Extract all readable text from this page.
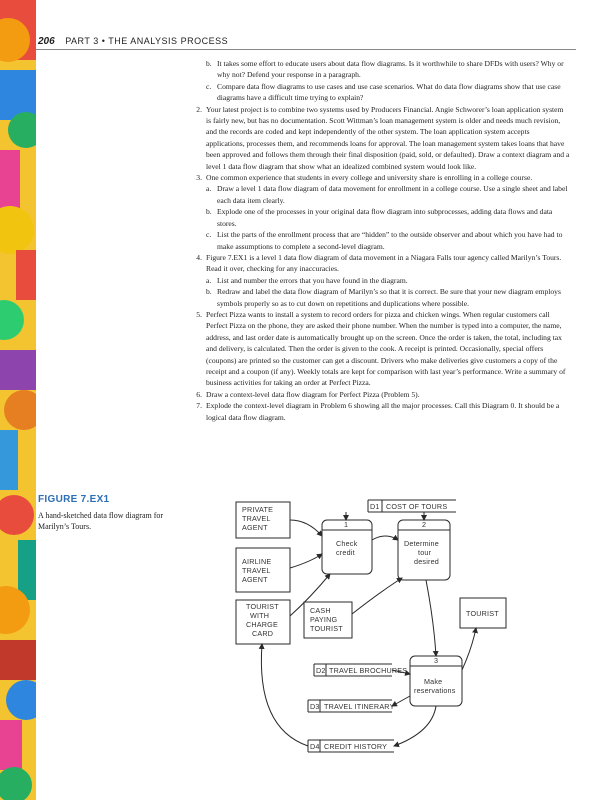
206 PART 3 • THE ANALYSIS PROCESS
b. It takes some effort to educate users about data flow diagrams. Is it worthwhile to share DFDs with users? Why or why not? Defend your response in a paragraph.
c. Compare data flow diagrams to use cases and use case scenarios. What do data flow diagrams show that use case diagrams have a difficult time trying to explain?
2. Your latest project is to combine two systems used by Producers Financial. Angie Schworer’s loan application system is fairly new, but has no documentation. Scott Wittman’s loan management system is older and needs much revision, and the records are coded and kept independently of the other system. The loan application system accepts applications, processes them, and recommends loans for approval. The loan management system takes loans that have been approved and follows them through their final disposition (paid, sold, or defaulted). Draw a context diagram and a level 1 data flow diagram that show what an idealized combined system would look like.
3. One common experience that students in every college and university share is enrolling in a college course.
a. Draw a level 1 data flow diagram of data movement for enrollment in a college course. Use a single sheet and label each data item clearly.
b. Explode one of the processes in your original data flow diagram into subprocesses, adding data flows and data stores.
c. List the parts of the enrollment process that are “hidden” to the outside observer and about which you have had to make assumptions to complete a second-level diagram.
4. Figure 7.EX1 is a level 1 data flow diagram of data movement in a Niagara Falls tour agency called Marilyn’s Tours. Read it over, checking for any inaccuracies.
a. List and number the errors that you have found in the diagram.
b. Redraw and label the data flow diagram of Marilyn’s so that it is correct. Be sure that your new diagram employs symbols properly so as to cut down on repetitions and duplications where possible.
5. Perfect Pizza wants to install a system to record orders for pizza and chicken wings. When regular customers call Perfect Pizza on the phone, they are asked their phone number. When the number is typed into a computer, the name, address, and last order date is automatically brought up on the screen. Once the order is taken, the total, including tax and delivery, is calculated. Then the order is given to the cook. A receipt is printed. Occasionally, special offers (coupons) are printed so the customer can get a discount. Drivers who make deliveries give customers a copy of the receipt and a coupon (if any). Weekly totals are kept for comparison with last year’s performance. Write a summary of business activities for taking an order at Perfect Pizza.
6. Draw a context-level data flow diagram for Perfect Pizza (Problem 5).
7. Explode the context-level diagram in Problem 6 showing all the major processes. Call this Diagram 0. It should be a logical data flow diagram.
FIGURE 7.EX1
A hand-sketched data flow diagram for Marilyn’s Tours.
PRIVATE
TRAVEL
AGENT
AIRLINE
TRAVEL
AGENT
TOURIST
WITH
CHARGE
CARD
CASH
PAYING
TOURIST
TOURIST
D1 COST OF TOURS
D2 TRAVEL BROCHURES
D3 TRAVEL ITINERARY
D4 CREDIT HISTORY
1
Check
credit
2
Determine
tour
desired
3
Make
reservations
